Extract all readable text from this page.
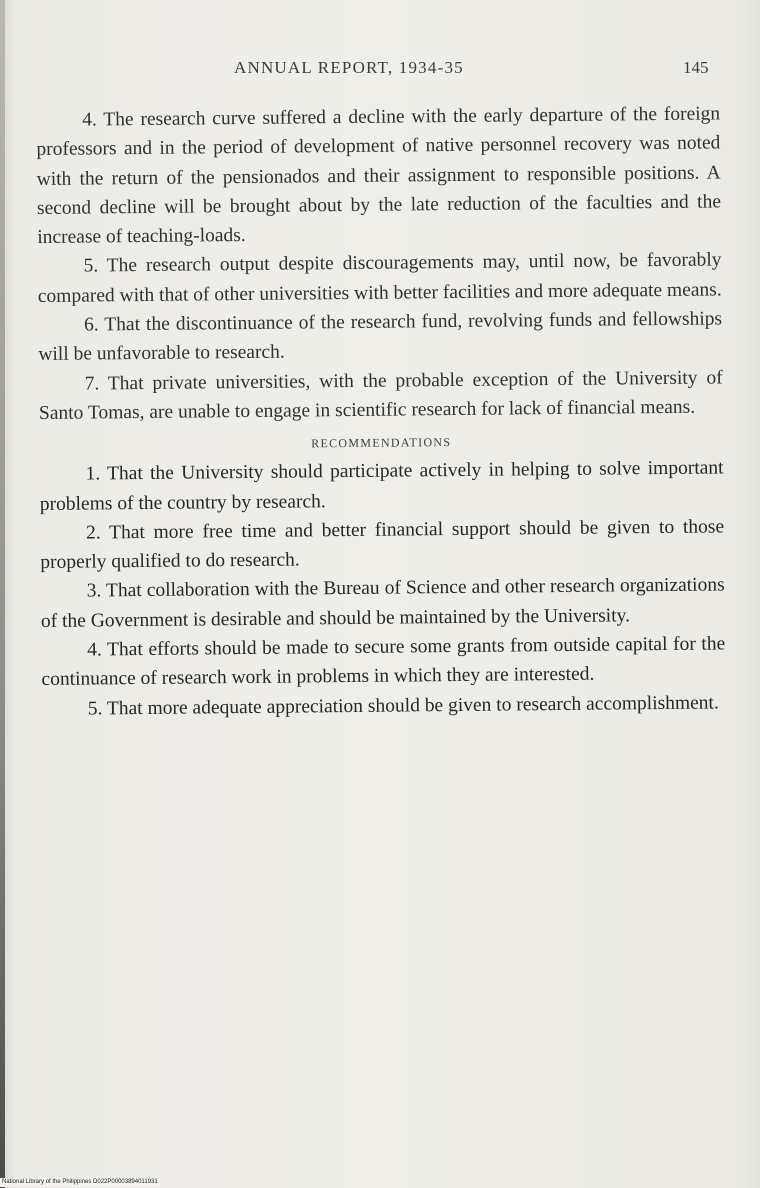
ANNUAL REPORT, 1934-35	145

4. The research curve suffered a decline with the early departure of the foreign professors and in the period of development of native personnel recovery was noted with the return of the pensionados and their assignment to responsible positions. A second decline will be brought about by the late reduction of the faculties and the increase of teaching-loads.

5. The research output despite discouragements may, until now, be favorably compared with that of other universities with better facilities and more adequate means.

6. That the discontinuance of the research fund, revolving funds and fellowships will be unfavorable to research.

7. That private universities, with the probable exception of the University of Santo Tomas, are unable to engage in scientific research for lack of financial means.

RECOMMENDATIONS

1. That the University should participate actively in helping to solve important problems of the country by research.

2. That more free time and better financial support should be given to those properly qualified to do research.

3. That collaboration with the Bureau of Science and other research organizations of the Government is desirable and should be maintained by the University.

4. That efforts should be made to secure some grants from outside capital for the continuance of research work in problems in which they are interested.

5. That more adequate appreciation should be given to research accomplishment.

National Library of the Philippines D022P00003894011931
